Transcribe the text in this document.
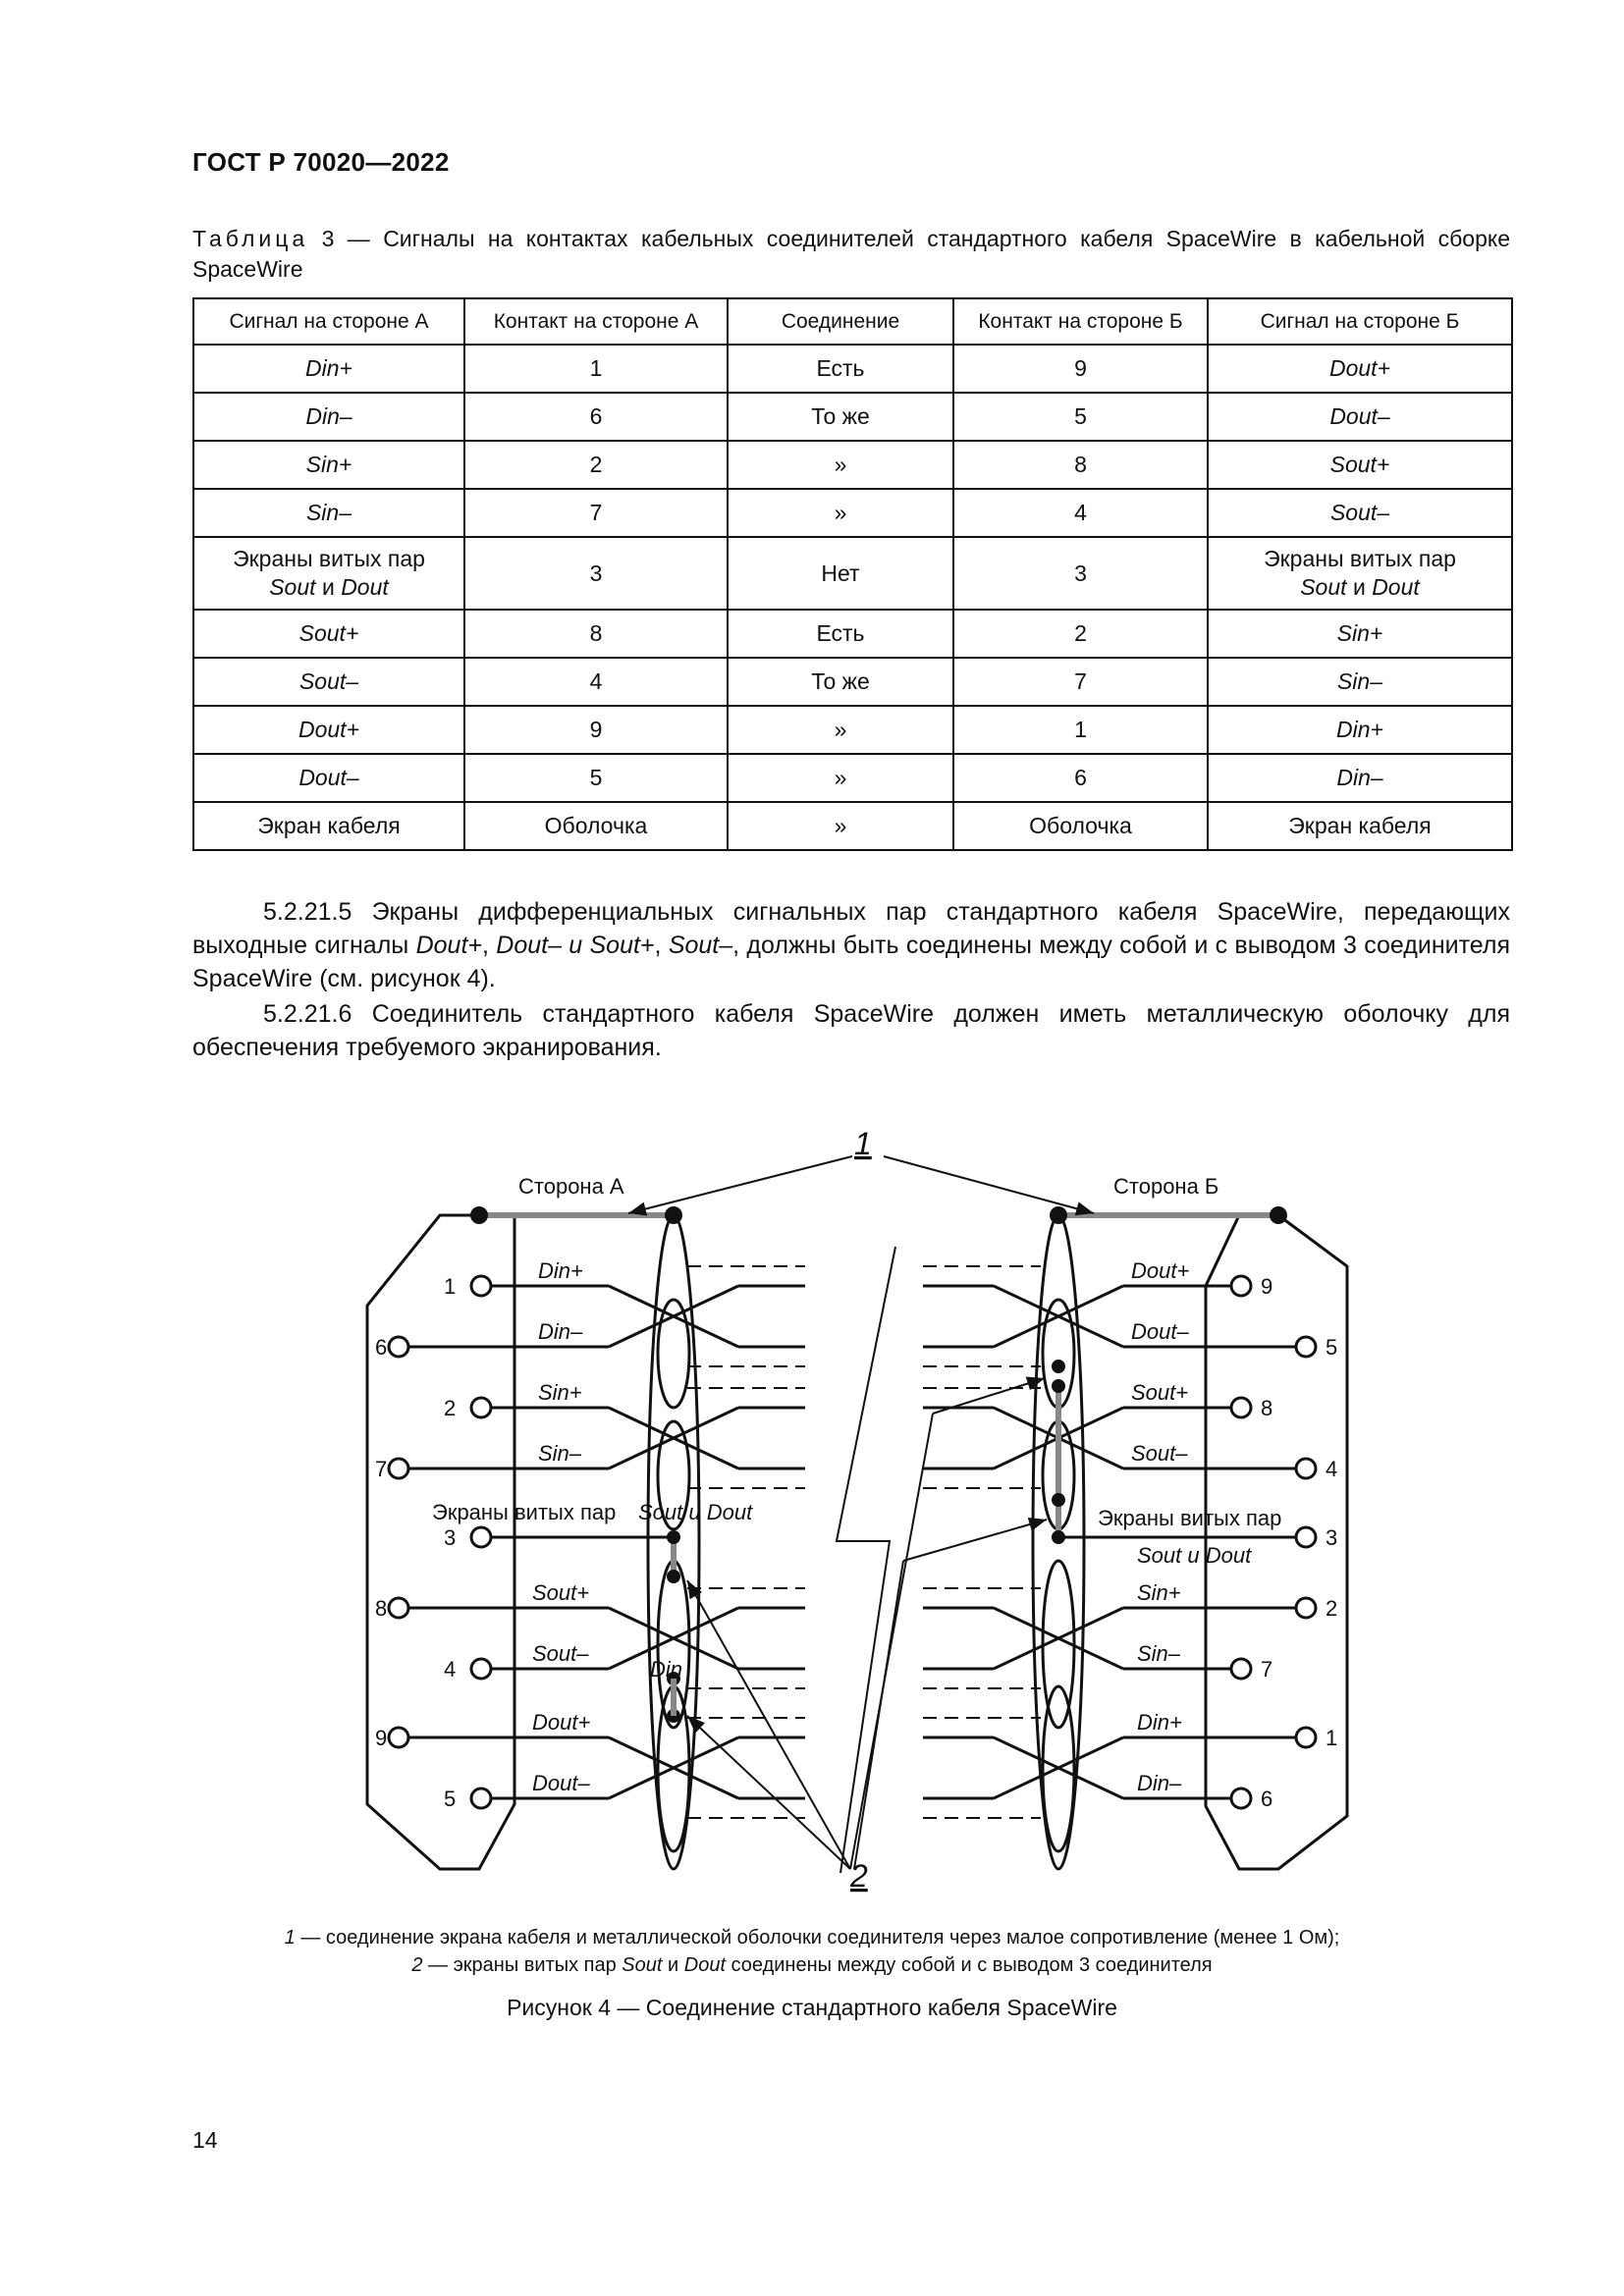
ГОСТ Р 70020—2022
Таблица 3 — Сигналы на контактах кабельных соединителей стандартного кабеля SpaceWire в кабельной сборке SpaceWire
Сигнал на стороне А	Контакт на стороне А	Соединение	Контакт на стороне Б	Сигнал на стороне Б
Din+	1	Есть	9	Dout+
Din–	6	То же	5	Dout–
Sin+	2	»	8	Sout+
Sin–	7	»	4	Sout–
Экраны витых пар
Sout и Dout	3	Нет	3	Экраны витых пар
Sout и Dout
Sout+	8	Есть	2	Sin+
Sout–	4	То же	7	Sin–
Dout+	9	»	1	Din+
Dout–	5	»	6	Din–
Экран кабеля	Оболочка	»	Оболочка	Экран кабеля
5.2.21.5 Экраны дифференциальных сигнальных пар стандартного кабеля SpaceWire, передающих выходные сигналы Dout+, Dout– и Sout+, Sout–, должны быть соединены между собой и с выводом 3 соединителя SpaceWire (см. рисунок 4).
5.2.21.6 Соединитель стандартного кабеля SpaceWire должен иметь металлическую оболочку для обеспечения требуемого экранирования.
1
2
Сторона А	Сторона Б
Экраны витых пар Sout и Dout	Экраны витых пар
Sout и Dout
Din+
Din–
Sin+
Sin–
Sout+
Sout–
Dout+
Dout–
Dout+
Dout–
Sout+
Sout–
Sin+
Sin–
Din+
Din–
Din
1
6
2
7
3
8
4
9
5
9
5
8
4
3
2
7
1
6
1 — соединение экрана кабеля и металлической оболочки соединителя через малое сопротивление (менее 1 Ом);
2 — экраны витых пар Sout и Dout соединены между собой и с выводом 3 соединителя
Рисунок 4 — Соединение стандартного кабеля SpaceWire
14
